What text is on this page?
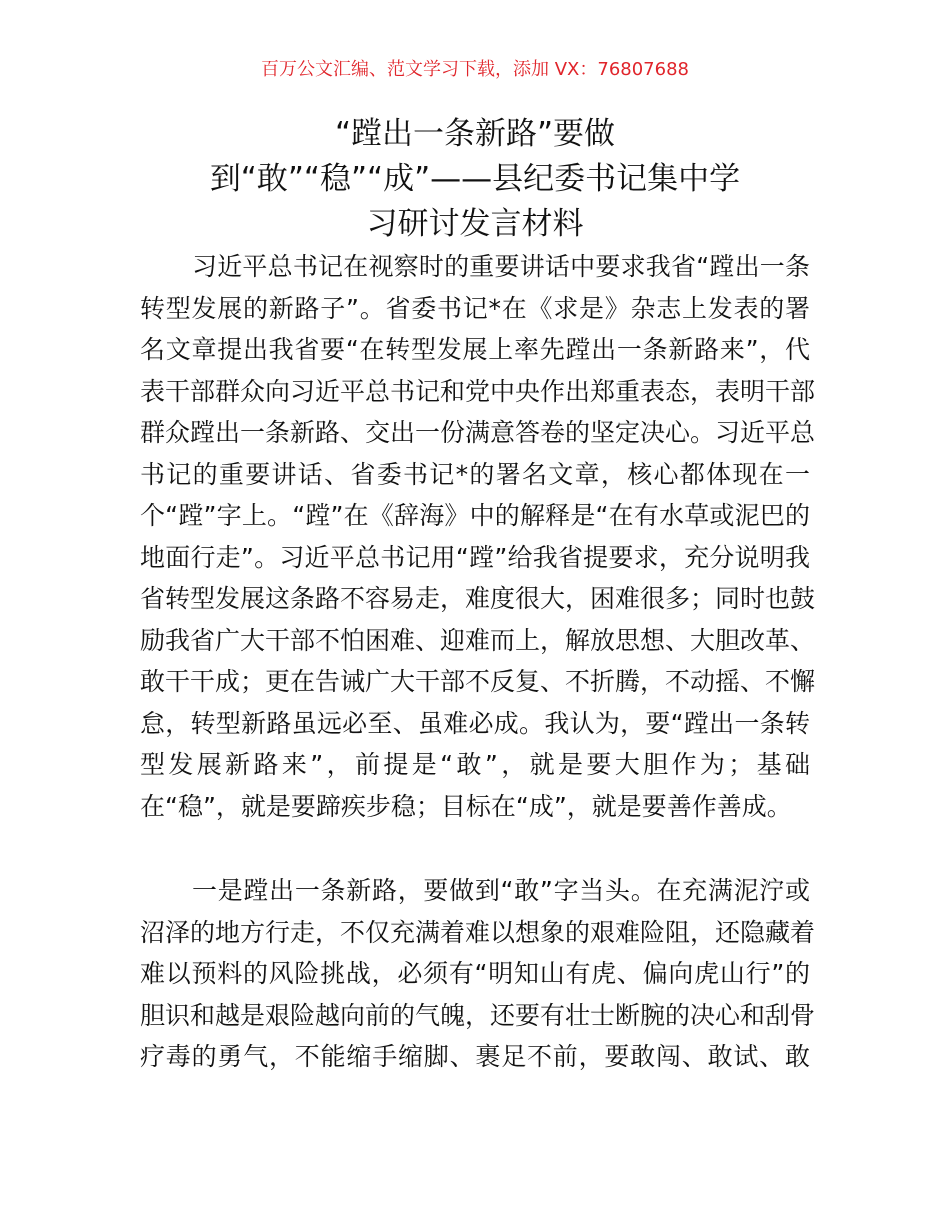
百万公文汇编、范文学习下载，添加 VX：76807688
“蹚出一条新路”要做
到“敢”“稳”“成”——县纪委书记集中学
习研讨发言材料
习近平总书记在视察时的重要讲话中要求我省“蹚出一条
转型发展的新路子”。省委书记*在《求是》杂志上发表的署
名文章提出我省要“在转型发展上率先蹚出一条新路来”，代
表干部群众向习近平总书记和党中央作出郑重表态，表明干部
群众蹚出一条新路、交出一份满意答卷的坚定决心。习近平总
书记的重要讲话、省委书记*的署名文章，核心都体现在一
个“蹚”字上。“蹚”在《辞海》中的解释是“在有水草或泥巴的
地面行走”。习近平总书记用“蹚”给我省提要求，充分说明我
省转型发展这条路不容易走，难度很大，困难很多；同时也鼓
励我省广大干部不怕困难、迎难而上，解放思想、大胆改革、
敢干干成；更在告诫广大干部不反复、不折腾，不动摇、不懈
怠，转型新路虽远必至、虽难必成。我认为，要“蹚出一条转
型发展新路来”，前提是“敢”，就是要大胆作为；基础
在“稳”，就是要蹄疾步稳；目标在“成”，就是要善作善成。
一是蹚出一条新路，要做到“敢”字当头。在充满泥泞或
沼泽的地方行走，不仅充满着难以想象的艰难险阻，还隐藏着
难以预料的风险挑战，必须有“明知山有虎、偏向虎山行”的
胆识和越是艰险越向前的气魄，还要有壮士断腕的决心和刮骨
疗毒的勇气，不能缩手缩脚、裹足不前，要敢闯、敢试、敢
